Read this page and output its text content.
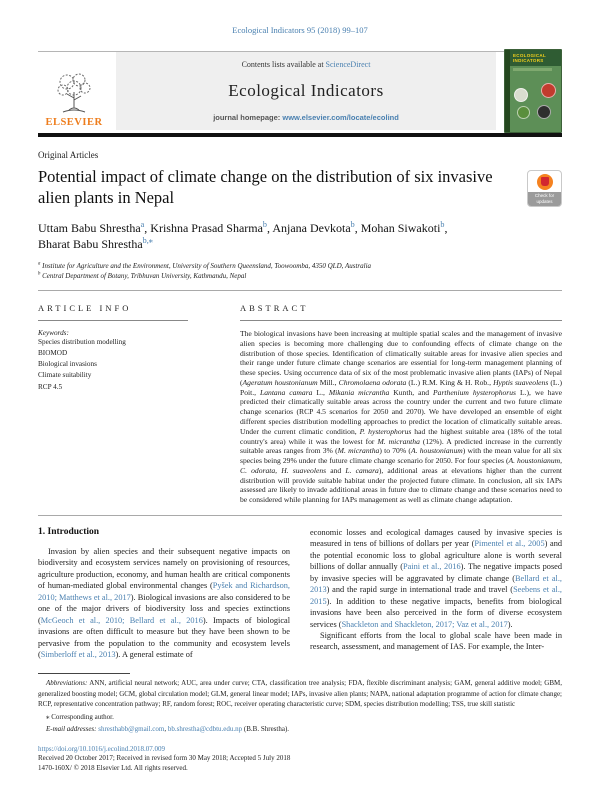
Ecological Indicators 95 (2018) 99–107
ELSEVIER
Contents lists available at ScienceDirect
Ecological Indicators
journal homepage: www.elsevier.com/locate/ecolind
ECOLOGICAL
INDICATORS
Original Articles
Potential impact of climate change on the distribution of six invasive alien plants in Nepal	Check for
updates
Uttam Babu Shrestha$^a$, Krishna Prasad Sharma$^b$, Anjana Devkota$^b$, Mohan Siwakoti$^b$,
Bharat Babu Shrestha$^{b,⁎}$
$^a$ Institute for Agriculture and the Environment, University of Southern Queensland, Toowoomba, 4350 QLD, Australia
$^b$ Central Department of Botany, Tribhuvan University, Kathmandu, Nepal
ARTICLE INFO
Keywords:
Species distribution modelling
BIOMOD
Biological invasions
Climate suitability
RCP 4.5
ABSTRACT
The biological invasions have been increasing at multiple spatial scales and the management of invasive alien species is becoming more challenging due to confounding effects of climate change on the distribution of those species. Identification of climatically suitable areas for invasive alien species and their range under future climate change scenarios are essential for long-term management planning of these species. Using occurrence data of six of the most problematic invasive alien plants (IAPs) of Nepal (Ageratum houstonianum Mill., Chromolaena odorata (L.) R.M. King & H. Rob., Hyptis suaveolens (L.) Poit., Lantana camara L., Mikania micrantha Kunth, and Parthenium hysterophorus L.), we have predicted their climatically suitable areas across the country under the current and two future climate change scenarios (RCP 4.5 scenarios for 2050 and 2070). We have developed an ensemble of eight different species distribution modelling approaches to predict the location of climatically suitable areas. Under the current climatic condition, P. hysterophorus had the highest suitable area (18% of the total country's area) while it was the lowest for M. micrantha (12%). A predicted increase in the currently suitable areas ranges from 3% (M. micrantha) to 70% (A. houstonianum) with the mean value for all six species being 29% under the future climate change scenario for 2050. For four species (A. houstonianum, C. odorata, H. suaveolens and L. camara), additional areas at elevations higher than the current distribution will provide suitable habitat under the projected future climate. In conclusion, all six IAPs assessed are likely to invade additional areas in future due to climate change and these scenarios need to be considered while planning for IAPs management as well as climate change adaptation.
1. Introduction
Invasion by alien species and their subsequent negative impacts on biodiversity and ecosystem services namely on provisioning of resources, agriculture production, economy, and human health are critical components of human-mediated global environmental changes (Pyšek and Richardson, 2010; Matthews et al., 2017). Biological invasions are also considered to be one of the major drivers of biodiversity loss and species extinctions (McGeoch et al., 2010; Bellard et al., 2016). Impacts of biological invasions are often difficult to measure but they have been shown to be pervasive from the population to the community and ecosystem levels (Simberloff et al., 2013). A general estimate of
economic losses and ecological damages caused by invasive species is measured in tens of billions of dollars per year (Pimentel et al., 2005) and the potential economic loss to global agriculture alone is worth several billions of dollar annually (Paini et al., 2016). The negative impacts posed by invasive species will be aggravated by climate change (Bellard et al., 2013) and the rapid surge in international trade and travel (Seebens et al., 2015). In addition to these negative impacts, benefits from biological invasions have been also perceived in the form of diverse ecosystem services (Shackleton and Shackleton, 2017; Vaz et al., 2017).
Significant efforts from the local to global scale have been made in research, assessment, and management of IAS. For example, the Inter-
Abbreviations: ANN, artificial neural network; AUC, area under curve; CTA, classification tree analysis; FDA, flexible discriminant analysis; GAM, general additive model; GBM, generalized boosting model; GCM, global circulation model; GLM, general linear model; IAPs, invasive alien plants; NAPA, national adaptation programme of action for climate change; RCP, representative concentration pathway; RF, random forest; ROC, receiver operating characteristic curve; SDM, species distribution modelling; TSS, true skill statistic
⁎ Corresponding author.
E-mail addresses: shresthabb@gmail.com, bb.shrestha@cdbtu.edu.np (B.B. Shrestha).
https://doi.org/10.1016/j.ecolind.2018.07.009
Received 20 October 2017; Received in revised form 30 May 2018; Accepted 5 July 2018
1470-160X/ © 2018 Elsevier Ltd. All rights reserved.
